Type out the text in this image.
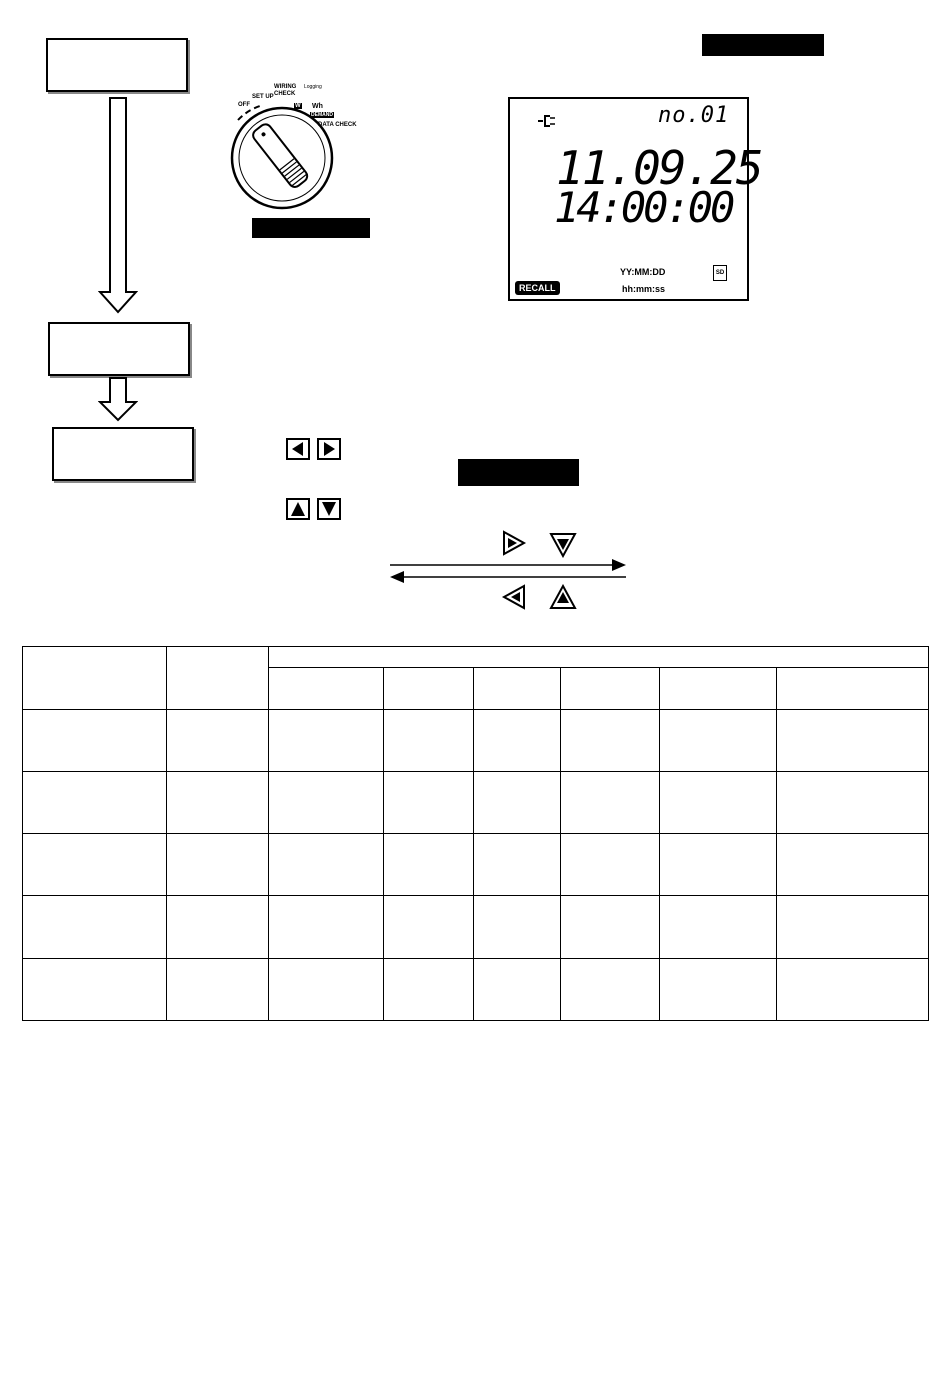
OFF
SET UP
WIRING CHECK
Logging
W Wh
DEMAND
DATA CHECK	no.01
11.09.25
14:00:00
YY:MM:DD
hh:mm:ss
RECALL
SD
